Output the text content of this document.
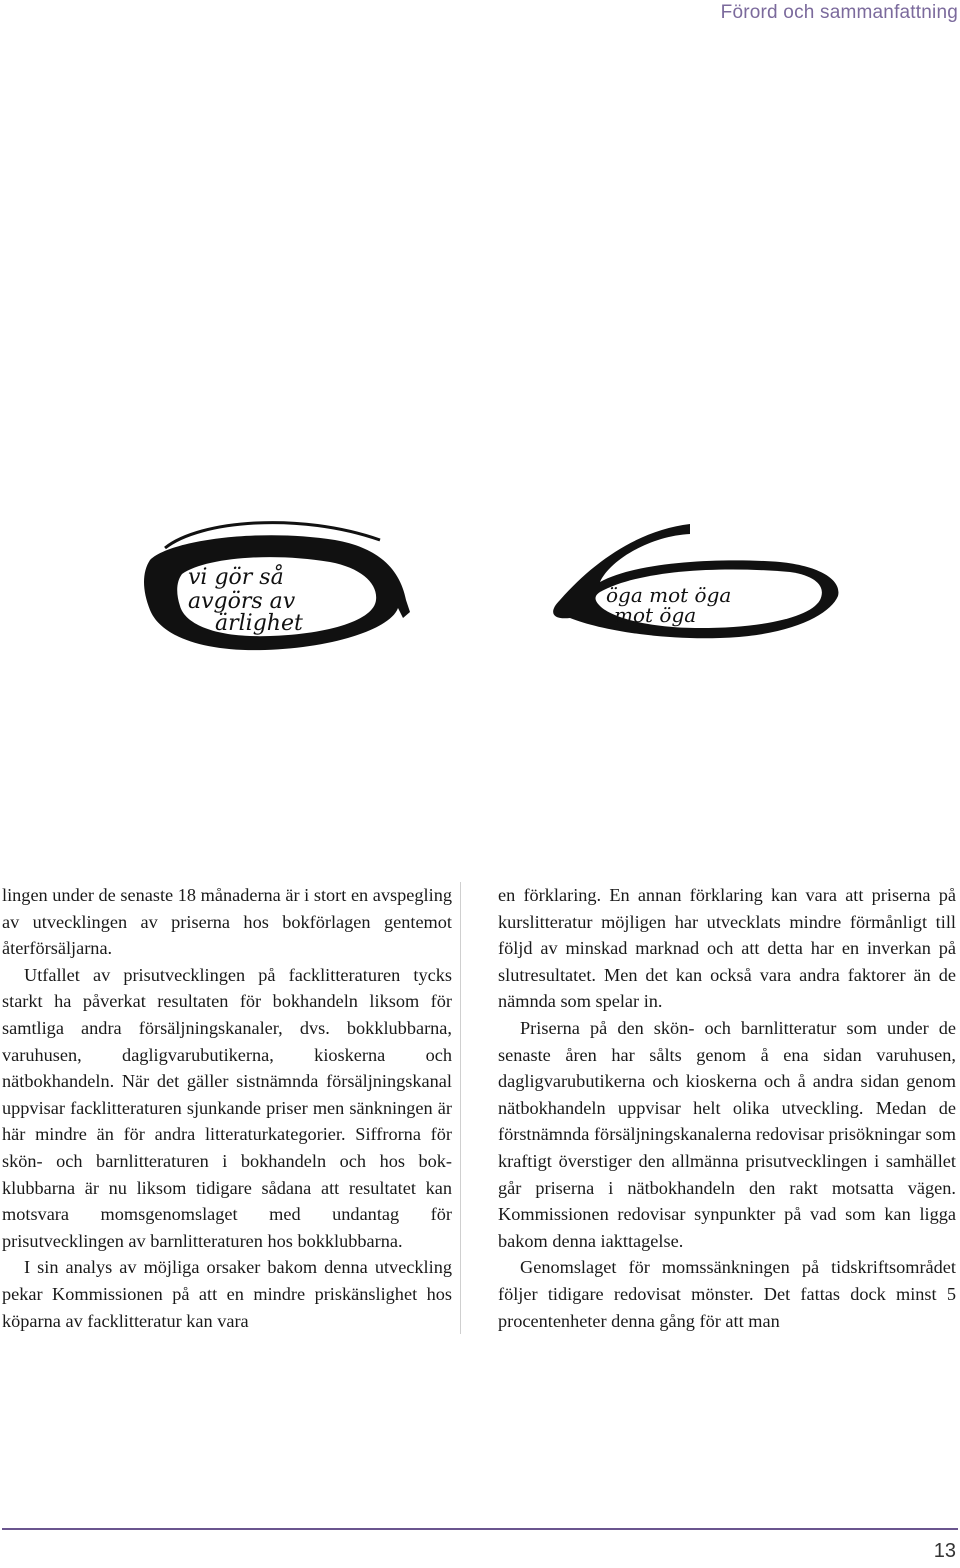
Förord och sammanfattning
vi gör så
avgörs av
ärlighet
öga mot öga
mot öga

lingen under de senaste 18 månaderna är i stort en avspegling av utvecklingen av priserna hos bokförlagen gentemot återförsäljarna.

Utfallet av prisutvecklingen på facklitteraturen tycks starkt ha påverkat resultaten för bokhandeln liksom för samtliga andra försäljningskanaler, dvs. bokklubbarna, varuhusen, dagligvarubutikerna, kioskerna och nätbokhandeln. När det gäller sistnämnda försäljningskanal uppvisar facklitteraturen sjunkande priser men sänkningen är här mindre än för andra litteraturkategorier. Siffrorna för skön- och barnlitteraturen i bokhandeln och hos bokklubbarna är nu liksom tidigare sådana att resultatet kan motsvara momsgenomslaget med undantag för prisutvecklingen av barnlitteraturen hos bokklubbarna.

I sin analys av möjliga orsaker bakom denna utveckling pekar Kommissionen på att en mindre priskänslighet hos köparna av facklitteratur kan vara

en förklaring. En annan förklaring kan vara att priserna på kurslitteratur möjligen har utvecklats mindre förmånligt till följd av minskad marknad och att detta har en inverkan på slutresultatet. Men det kan också vara andra faktorer än de nämnda som spelar in.

Priserna på den skön- och barnlitteratur som under de senaste åren har sålts genom å ena sidan varuhusen, dagligvarubutikerna och kioskerna och å andra sidan genom nätbokhandeln uppvisar helt olika utveckling. Medan de förstnämnda försäljningskanalerna redovisar prisökningar som kraftigt överstiger den allmänna prisutvecklingen i samhället går priserna i nätbokhandeln den rakt motsatta vägen. Kommissionen redovisar synpunkter på vad som kan ligga bakom denna iakttagelse.

Genomslaget för momssänkningen på tidskriftsområdet följer tidigare redovisat mönster. Det fattas dock minst 5 procentenheter denna gång för att man

13
